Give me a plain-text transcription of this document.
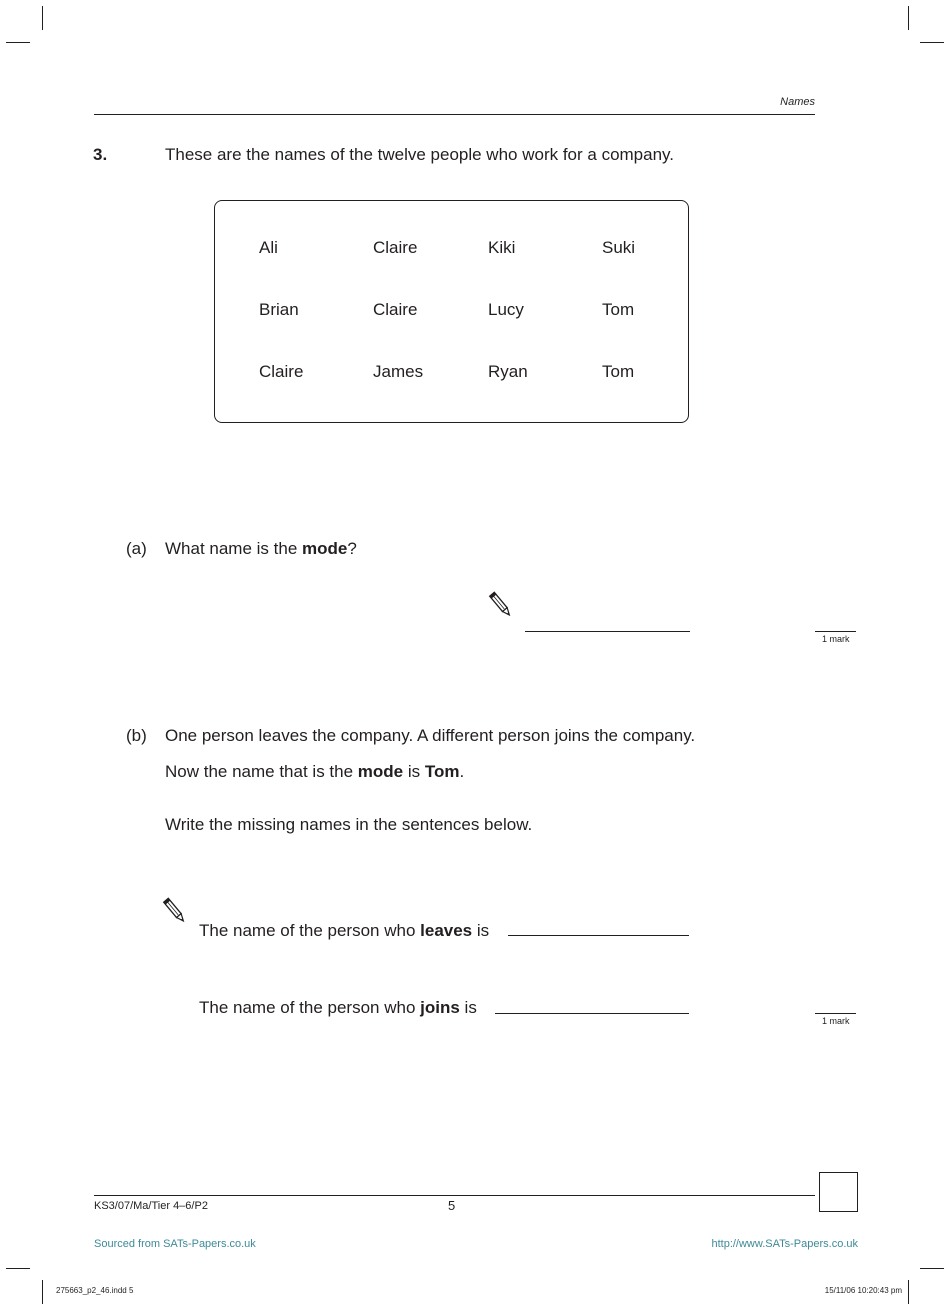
Names
3.	These are the names of the twelve people who work for a company.
Ali	Claire	Kiki	Suki
Brian	Claire	Lucy	Tom
Claire	James	Ryan	Tom
(a) What name is the mode?
1 mark
(b) One person leaves the company. A different person joins the company.
Now the name that is the mode is Tom.
Write the missing names in the sentences below.
The name of the person who leaves is
The name of the person who joins is
1 mark
KS3/07/Ma/Tier 4–6/P2	5
Sourced from SATs-Papers.co.uk	http://www.SATs-Papers.co.uk
275663_p2_46.indd 5	15/11/06 10:20:43 pm
